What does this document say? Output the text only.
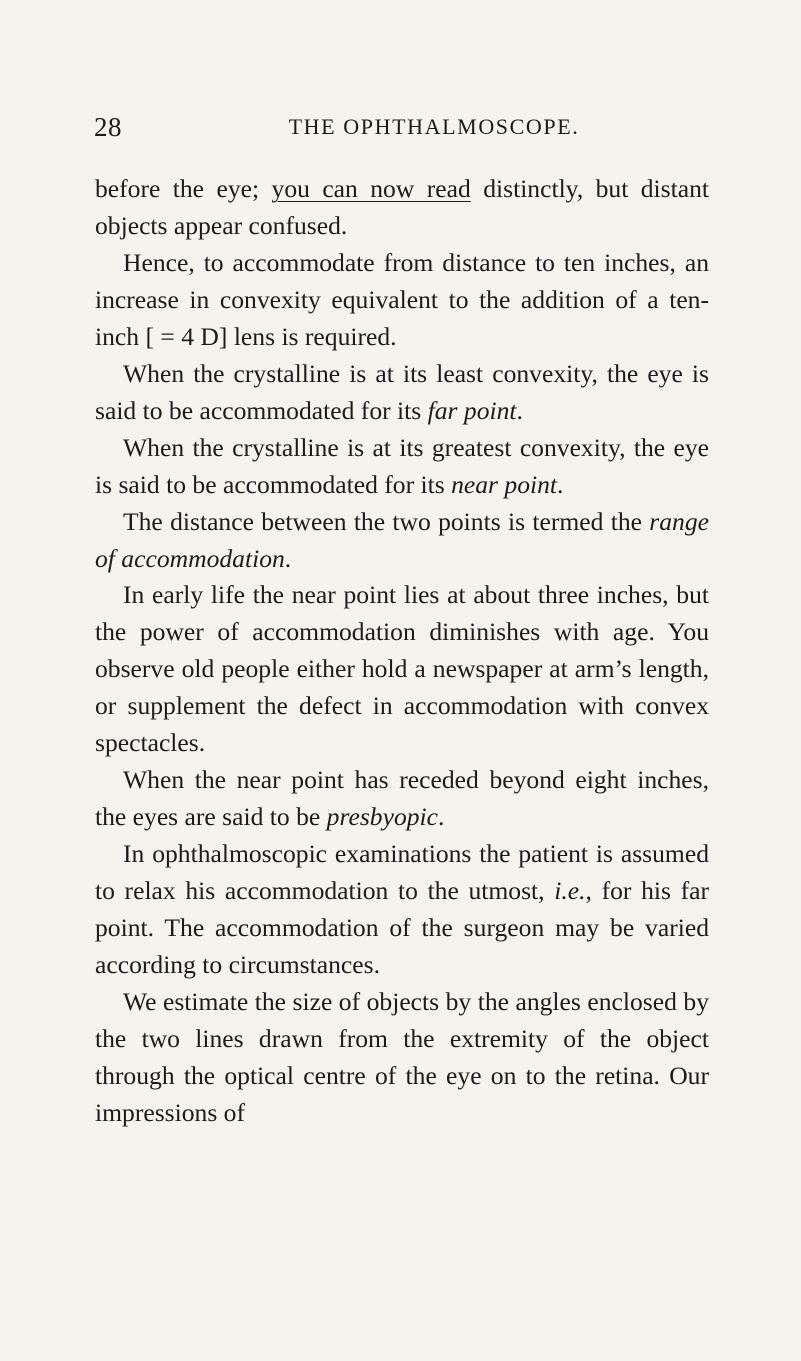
28	THE OPHTHALMOSCOPE.

before the eye; you can now read distinctly, but distant objects appear confused.

Hence, to accommodate from distance to ten inches, an increase in convexity equivalent to the addition of a ten-inch [ = 4 D] lens is required.

When the crystalline is at its least convexity, the eye is said to be accommodated for its far point.

When the crystalline is at its greatest convexity, the eye is said to be accommodated for its near point.

The distance between the two points is termed the range of accommodation.

In early life the near point lies at about three inches, but the power of accommodation diminishes with age. You observe old people either hold a newspaper at arm’s length, or supplement the defect in accommodation with convex spectacles.

When the near point has receded beyond eight inches, the eyes are said to be presbyopic.

In ophthalmoscopic examinations the patient is assumed to relax his accommodation to the utmost, i.e., for his far point. The accommodation of the surgeon may be varied according to circumstances.

We estimate the size of objects by the angles enclosed by the two lines drawn from the extremity of the object through the optical centre of the eye on to the retina. Our impressions of
